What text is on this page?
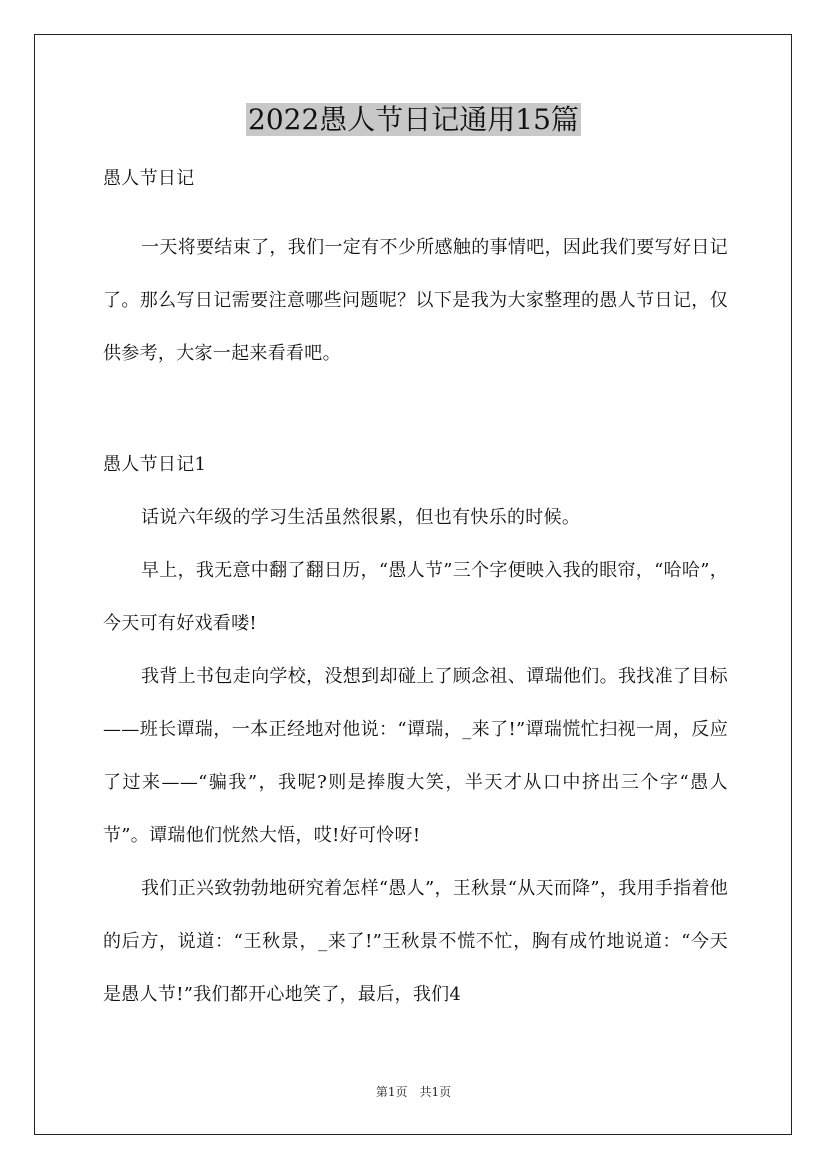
2022愚人节日记通用15篇
愚人节日记

一天将要结束了，我们一定有不少所感触的事情吧，因此我们要写好日记了。那么写日记需要注意哪些问题呢？以下是我为大家整理的愚人节日记，仅供参考，大家一起来看看吧。

愚人节日记1

话说六年级的学习生活虽然很累，但也有快乐的时候。

早上，我无意中翻了翻日历，“愚人节”三个字便映入我的眼帘，“哈哈”，今天可有好戏看喽!

我背上书包走向学校，没想到却碰上了顾念祖、谭瑞他们。我找准了目标——班长谭瑞，一本正经地对他说：“谭瑞，_来了!”谭瑞慌忙扫视一周，反应了过来——“骗我”，我呢?则是捧腹大笑，半天才从口中挤出三个字“愚人节”。谭瑞他们恍然大悟，哎!好可怜呀!

我们正兴致勃勃地研究着怎样“愚人”，王秋景“从天而降”，我用手指着他的后方，说道：“王秋景，_来了!”王秋景不慌不忙，胸有成竹地说道：“今天是愚人节!”我们都开心地笑了，最后，我们4

第1页　共1页
